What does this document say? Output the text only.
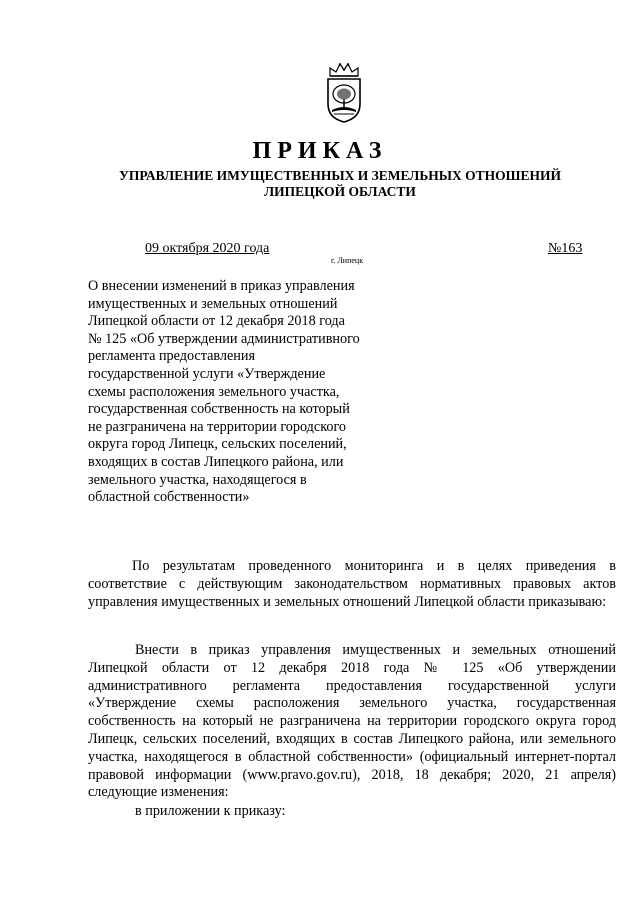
ПРИКАЗ
УПРАВЛЕНИЕ ИМУЩЕСТВЕННЫХ И ЗЕМЕЛЬНЫХ ОТНОШЕНИЙ
ЛИПЕЦКОЙ ОБЛАСТИ
09 октября 2020 года	№163
г. Липецк
О внесении изменений в приказ управления
имущественных и земельных отношений
Липецкой области от 12 декабря 2018 года
№ 125 «Об утверждении административного
регламента предоставления
государственной услуги «Утверждение
схемы расположения земельного участка,
государственная собственность на который
не разграничена на территории городского
округа город Липецк, сельских поселений,
входящих в состав Липецкого района, или
земельного участка, находящегося в
областной собственности»

По результатам проведенного мониторинга и в целях приведения в соответствие с действующим законодательством нормативных правовых актов управления имущественных и земельных отношений Липецкой области приказываю:

Внести в приказ управления имущественных и земельных отношений Липецкой области от 12 декабря 2018 года № 125 «Об утверждении административного регламента предоставления государственной услуги «Утверждение схемы расположения земельного участка, государственная собственность на который не разграничена на территории городского округа город Липецк, сельских поселений, входящих в состав Липецкого района, или земельного участка, находящегося в областной собственности» (официальный интернет-портал правовой информации (www.pravo.gov.ru), 2018, 18 декабря; 2020, 21 апреля) следующие изменения:

в приложении к приказу:
